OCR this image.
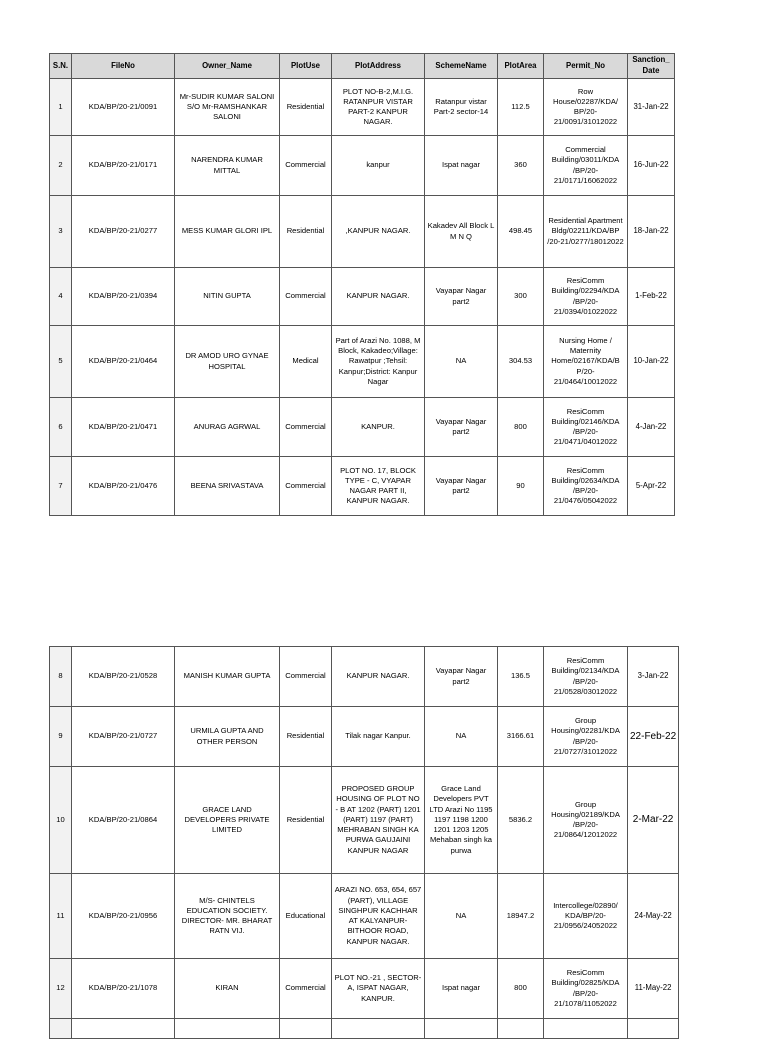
S.N.	FileNo	Owner_Name	PlotUse	PlotAddress	SchemeName	PlotArea	Permit_No	Sanction_ Date
1	KDA/BP/20-21/0091	Mr-SUDIR KUMAR SALONI S/O Mr-RAMSHANKAR SALONI	Residential	PLOT NO-B-2,M.I.G. RATANPUR VISTAR PART-2 KANPUR NAGAR.	Ratanpur vistar Part-2 sector-14	112.5	Row House/02287/KDA/ BP/20-21/0091/31012022	31-Jan-22
2	KDA/BP/20-21/0171	NARENDRA KUMAR MITTAL	Commercial	kanpur	Ispat nagar	360	Commercial Building/03011/KDA /BP/20-21/0171/16062022	16-Jun-22
3	KDA/BP/20-21/0277	MESS KUMAR GLORI IPL	Residential	,KANPUR NAGAR.	Kakadev All Block L M N Q	498.45	Residential Apartment Bldg/02211/KDA/BP /20-21/0277/18012022	18-Jan-22
4	KDA/BP/20-21/0394	NITIN GUPTA	Commercial	KANPUR NAGAR.	Vayapar Nagar part2	300	ResiComm Building/02294/KDA /BP/20-21/0394/01022022	1-Feb-22
5	KDA/BP/20-21/0464	DR AMOD URO GYNAE HOSPITAL	Medical	Part of Arazi No. 1088, M Block, Kakadeo;Village: Rawatpur ;Tehsil: Kanpur;District: Kanpur Nagar	NA	304.53	Nursing Home / Maternity Home/02167/KDA/B P/20-21/0464/10012022	10-Jan-22
6	KDA/BP/20-21/0471	ANURAG AGRWAL	Commercial	KANPUR.	Vayapar Nagar part2	800	ResiComm Building/02146/KDA /BP/20-21/0471/04012022	4-Jan-22
7	KDA/BP/20-21/0476	BEENA SRIVASTAVA	Commercial	PLOT NO. 17, BLOCK TYPE - C, VYAPAR NAGAR PART II, KANPUR NAGAR.	Vayapar Nagar part2	90	ResiComm Building/02634/KDA /BP/20-21/0476/05042022	5-Apr-22
8	KDA/BP/20-21/0528	MANISH KUMAR GUPTA	Commercial	KANPUR NAGAR.	Vayapar Nagar part2	136.5	ResiComm Building/02134/KDA /BP/20-21/0528/03012022	3-Jan-22
9	KDA/BP/20-21/0727	URMILA GUPTA AND OTHER PERSON	Residential	Tilak nagar Kanpur.	NA	3166.61	Group Housing/02281/KDA /BP/20-21/0727/31012022	22-Feb-22
10	KDA/BP/20-21/0864	GRACE LAND DEVELOPERS PRIVATE LIMITED	Residential	PROPOSED GROUP HOUSING OF PLOT NO - B AT 1202 (PART) 1201 (PART) 1197 (PART) MEHRABAN SINGH KA PURWA GAUJAINI KANPUR NAGAR	Grace Land Developers PVT LTD Arazi No 1195 1197 1198 1200 1201 1203 1205 Mehaban singh ka purwa	5836.2	Group Housing/02189/KDA /BP/20-21/0864/12012022	2-Mar-22
11	KDA/BP/20-21/0956	M/S- CHINTELS EDUCATION SOCIETY. DIRECTOR- MR. BHARAT RATN VIJ.	Educational	ARAZI NO. 653, 654, 657 (PART), VILLAGE SINGHPUR KACHHAR AT KALYANPUR-BITHOOR ROAD, KANPUR NAGAR.	NA	18947.2	Intercollege/02890/ KDA/BP/20-21/0956/24052022	24-May-22
12	KDA/BP/20-21/1078	KIRAN	Commercial	PLOT NO.-21 , SECTOR-A, ISPAT NAGAR, KANPUR.	Ispat nagar	800	ResiComm Building/02825/KDA /BP/20-21/1078/11052022	11-May-22
